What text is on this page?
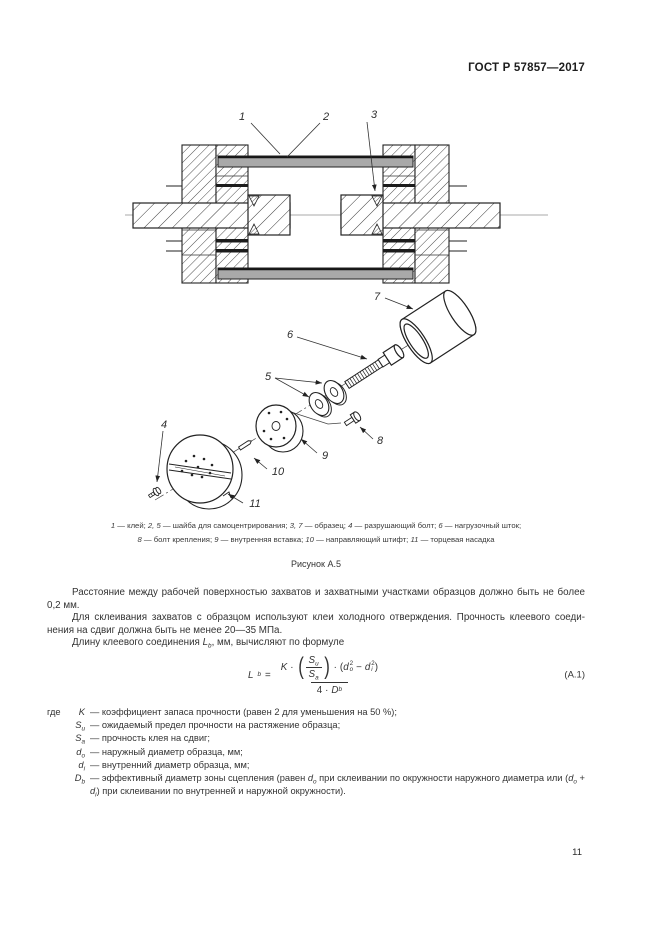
ГОСТ Р 57857—2017
1	2	3
7
6
5
8
9
10
11
4
1 — клей; 2, 5 — шайба для самоцентрирования; 3, 7 — образец; 4 — разрушающий болт; 6 — нагрузочный шток;
8 — болт крепления; 9 — внутренняя вставка; 10 — направляющий штифт; 11 — торцевая насадка
Рисунок А.5

Расстояние между рабочей поверхностью захватов и захватными участками образцов должно быть не более 0,2 мм.

Для склеивания захватов с образцом используют клеи холодного отверждения. Прочность клеевого соединения на сдвиг должна быть не менее 20—35 МПа.

Длину клеевого соединения $L_b$, мм, вычисляют по формуле

L b =
K · ( $S_u$
$S_a$ ) · ( d 2
о − d 2
i )
4 · D b
(А.1)
где	K — коэффициент запаса прочности (равен 2 для уменьшения на 50 %);
$S_u$ — ожидаемый предел прочности на растяжение образца;
$S_a$ — прочность клея на сдвиг;
$d_о$ — наружный диаметр образца, мм;
$d_i$ — внутренний диаметр образца, мм;
$D_b$ — эффективный диаметр зоны сцепления (равен $d_о$ при склеивании по окружности наружного диаметра или $(d_о + d_i)$ при склеивании по внутренней и наружной окружности).
11
